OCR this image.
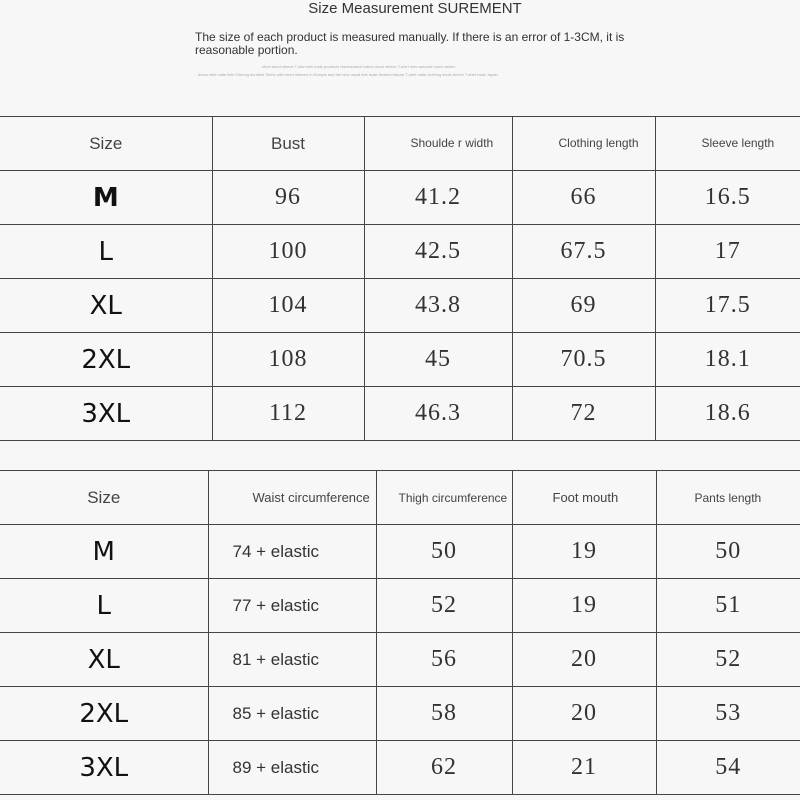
Size Measurement SUREMENT
The size of each product is measured manually. If there is an error of 1-3CM, it is reasonable portion.
short short sleeve T-shirt bell male products Harmanized cotton short sleeve T-shirt men autumn round ashen
dress shirt male tide Cheung doubled Shirts with short sleeves in Europe and the new usual tide male flowers leisure T-shirt male clothing short sleeve T-shirt male Japan
Size	Bust	Shoulde r width	Clothing length	Sleeve length
M	96	41.2	66	16.5
L	100	42.5	67.5	17
XL	104	43.8	69	17.5
2XL	108	45	70.5	18.1
3XL	112	46.3	72	18.6
Size	Waist circumference	Thigh circumference	Foot mouth	Pants length
M	74 + elastic	50	19	50
L	77 + elastic	52	19	51
XL	81 + elastic	56	20	52
2XL	85 + elastic	58	20	53
3XL	89 + elastic	62	21	54
